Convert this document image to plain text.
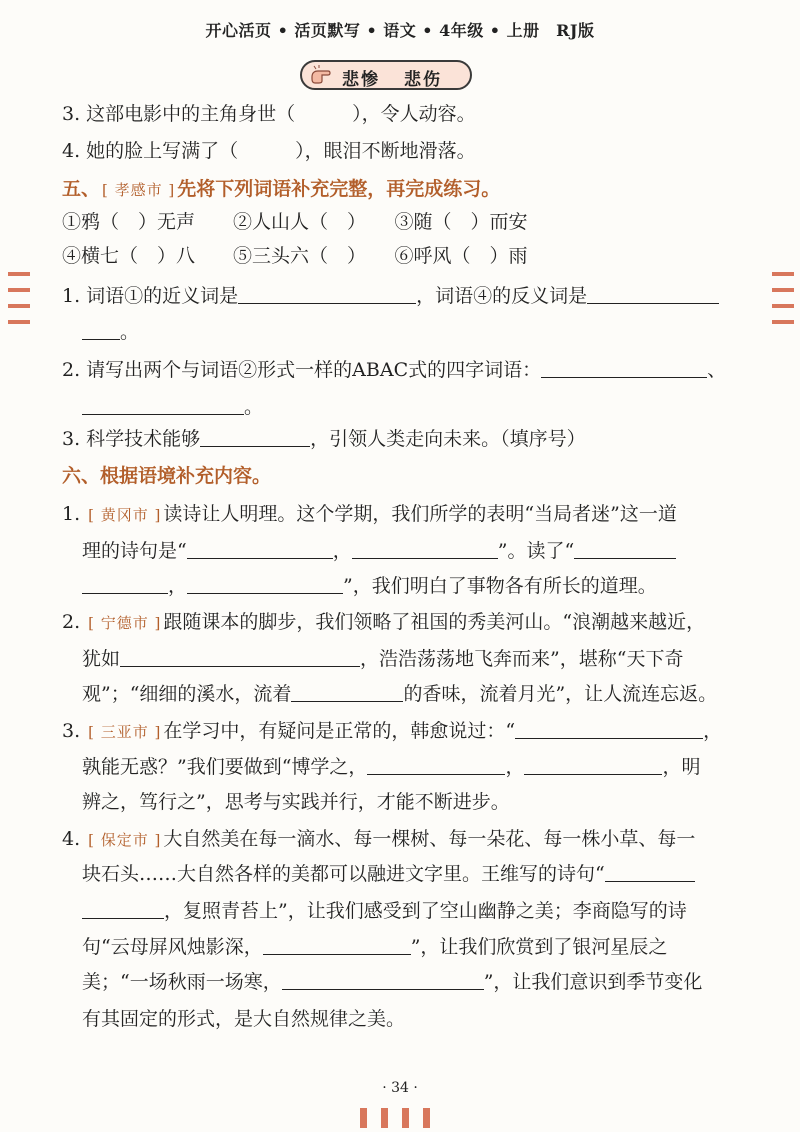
开心活页 • 活页默写 • 语文 • 4年级 • 上册　RJ版
悲惨 悲伤
3. 这部电影中的主角身世（　　　），令人动容。
4. 她的脸上写满了（　　　），眼泪不断地滑落。
五、 [ 孝感市 ] 先将下列词语补充完整，再完成练习。
①鸦（　）无声　　②人山人（　）　　③随（　）而安
④横七（　）八　　⑤三头六（　）　　⑥呼风（　）雨
1. 词语①的近义词是	，词语④的反义词是
。
2. 请写出两个与词语②形式一样的ABAC式的四字词语：	、
。
3. 科学技术能够	，引领人类走向未来。（填序号）
六、根据语境补充内容。
1. [ 黄冈市 ] 读诗让人明理。这个学期，我们所学的表明“当局者迷”这一道
理的诗句是“	，	”。读了“
，	”，我们明白了事物各有所长的道理。
2. [ 宁德市 ] 跟随课本的脚步，我们领略了祖国的秀美河山。“浪潮越来越近，
犹如	，浩浩荡荡地飞奔而来”，堪称“天下奇
观”；“细细的溪水，流着	的香味，流着月光”，让人流连忘返。
3. [ 三亚市 ] 在学习中，有疑问是正常的，韩愈说过：“	，
孰能无惑？”我们要做到“博学之，	，	，明
辨之，笃行之”，思考与实践并行，才能不断进步。
4. [ 保定市 ] 大自然美在每一滴水、每一棵树、每一朵花、每一株小草、每一
块石头……大自然各样的美都可以融进文字里。王维写的诗句“
，复照青苔上”，让我们感受到了空山幽静之美；李商隐写的诗
句“云母屏风烛影深，	”，让我们欣赏到了银河星辰之
美；“一场秋雨一场寒，	”，让我们意识到季节变化
有其固定的形式，是大自然规律之美。
· 34 ·
